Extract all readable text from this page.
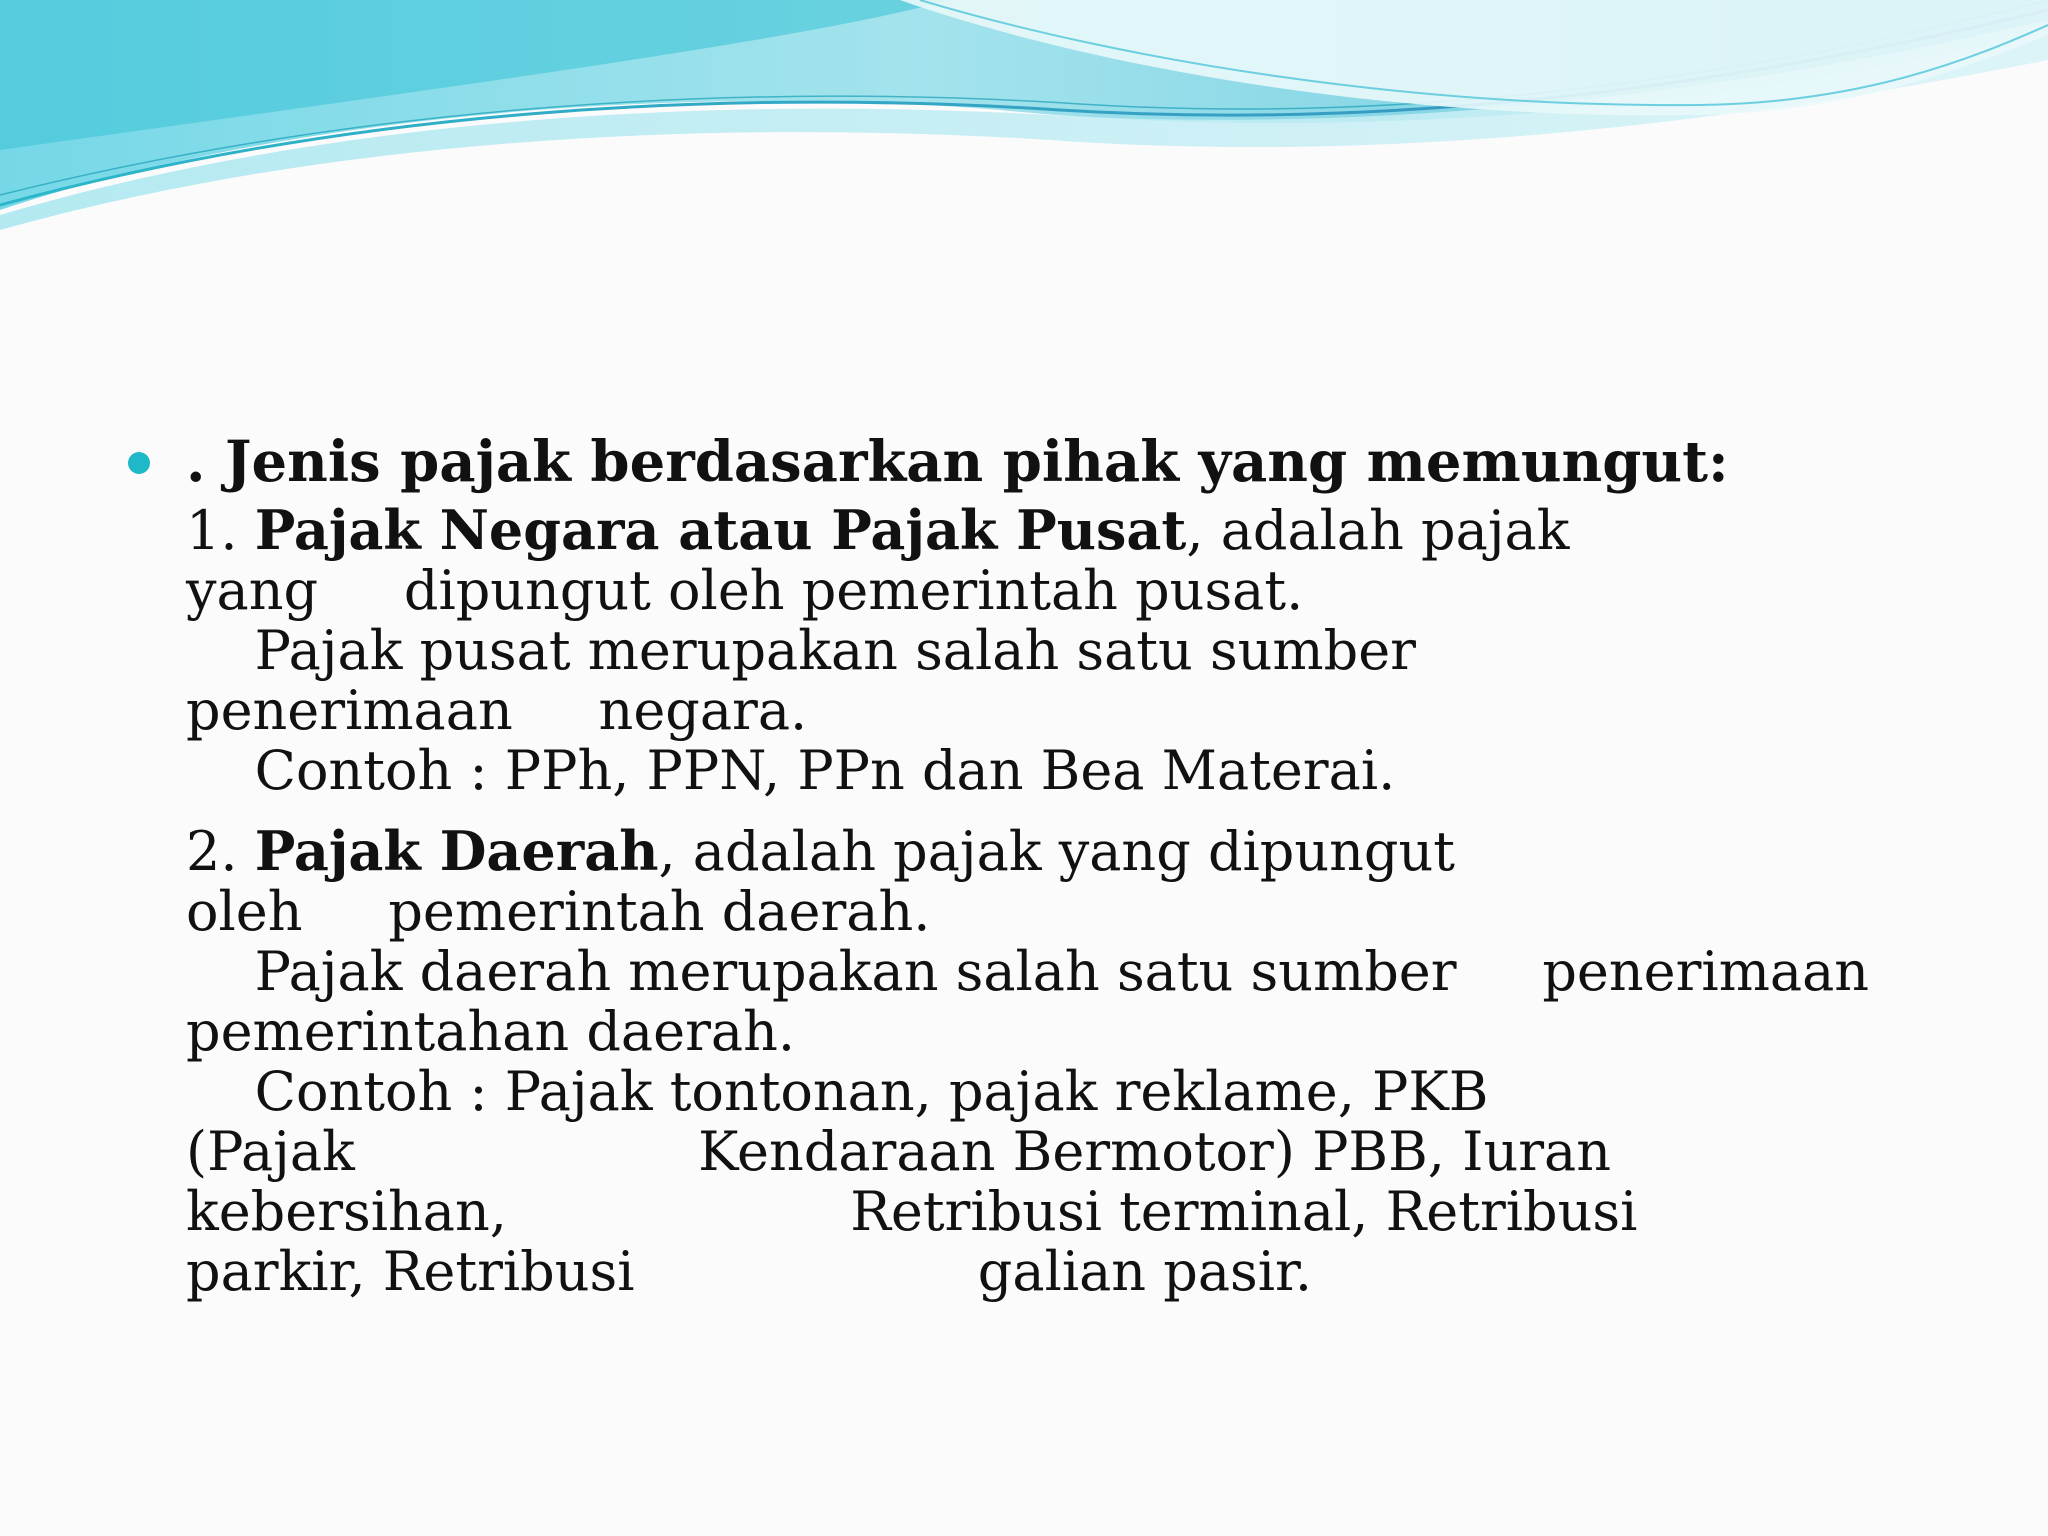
. Jenis pajak berdasarkan pihak yang memungut:

1. Pajak Negara atau Pajak Pusat, adalah pajak

yang     dipungut oleh pemerintah pusat.

Pajak pusat merupakan salah satu sumber

penerimaan     negara.

Contoh : PPh, PPN, PPn dan Bea Materai.

2. Pajak Daerah, adalah pajak yang dipungut

oleh     pemerintah daerah.

Pajak daerah merupakan salah satu sumber     penerimaan

pemerintahan daerah.

Contoh : Pajak tontonan, pajak reklame, PKB

(Pajak                    Kendaraan Bermotor) PBB, Iuran

kebersihan,                    Retribusi terminal, Retribusi

parkir, Retribusi                    galian pasir.
